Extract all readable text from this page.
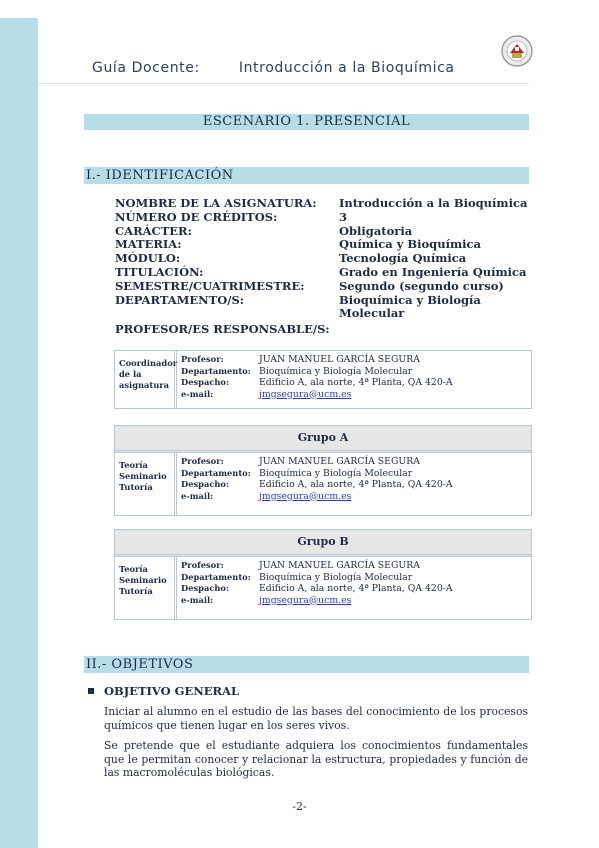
Guía Docente:	Introducción a la Bioquímica
ESCENARIO 1. PRESENCIAL
I.- IDENTIFICACIÓN
NOMBRE DE LA ASIGNATURA:	Introducción a la Bioquímica
NÚMERO DE CRÉDITOS:	3
CARÁCTER:	Obligatoria
MATERIA:	Química y Bioquímica
MÓDULO:	Tecnología Química
TITULACIÓN:	Grado en Ingeniería Química
SEMESTRE/CUATRIMESTRE:	Segundo (segundo curso)
DEPARTAMENTO/S:	Bioquímica y Biología Molecular
PROFESOR/ES RESPONSABLE/S:
Coordinador
de la
asignatura
Profesor:	JUAN MANUEL GARCÍA SEGURA
Departamento: Bioquímica y Biología Molecular
Despacho:	Edificio A, ala norte, 4ª Planta, QA 420-A
e-mail:	jmgsegura@ucm.es
Grupo A
Teoría
Seminario
Tutoría
Profesor:	JUAN MANUEL GARCÍA SEGURA
Departamento: Bioquímica y Biología Molecular
Despacho:	Edificio A, ala norte, 4ª Planta, QA 420-A
e-mail:	jmgsegura@ucm.es
Grupo B
Teoría
Seminario
Tutoría
Profesor:	JUAN MANUEL GARCÍA SEGURA
Departamento: Bioquímica y Biología Molecular
Despacho:	Edificio A, ala norte, 4ª Planta, QA 420-A
e-mail:	jmgsegura@ucm.es
II.- OBJETIVOS
OBJETIVO GENERAL
Iniciar al alumno en el estudio de las bases del conocimiento de los procesos químicos que tienen lugar en los seres vivos.
Se pretende que el estudiante adquiera los conocimientos fundamentales que le permitan conocer y relacionar la estructura, propiedades y función de las macromoléculas biológicas.
-2-
